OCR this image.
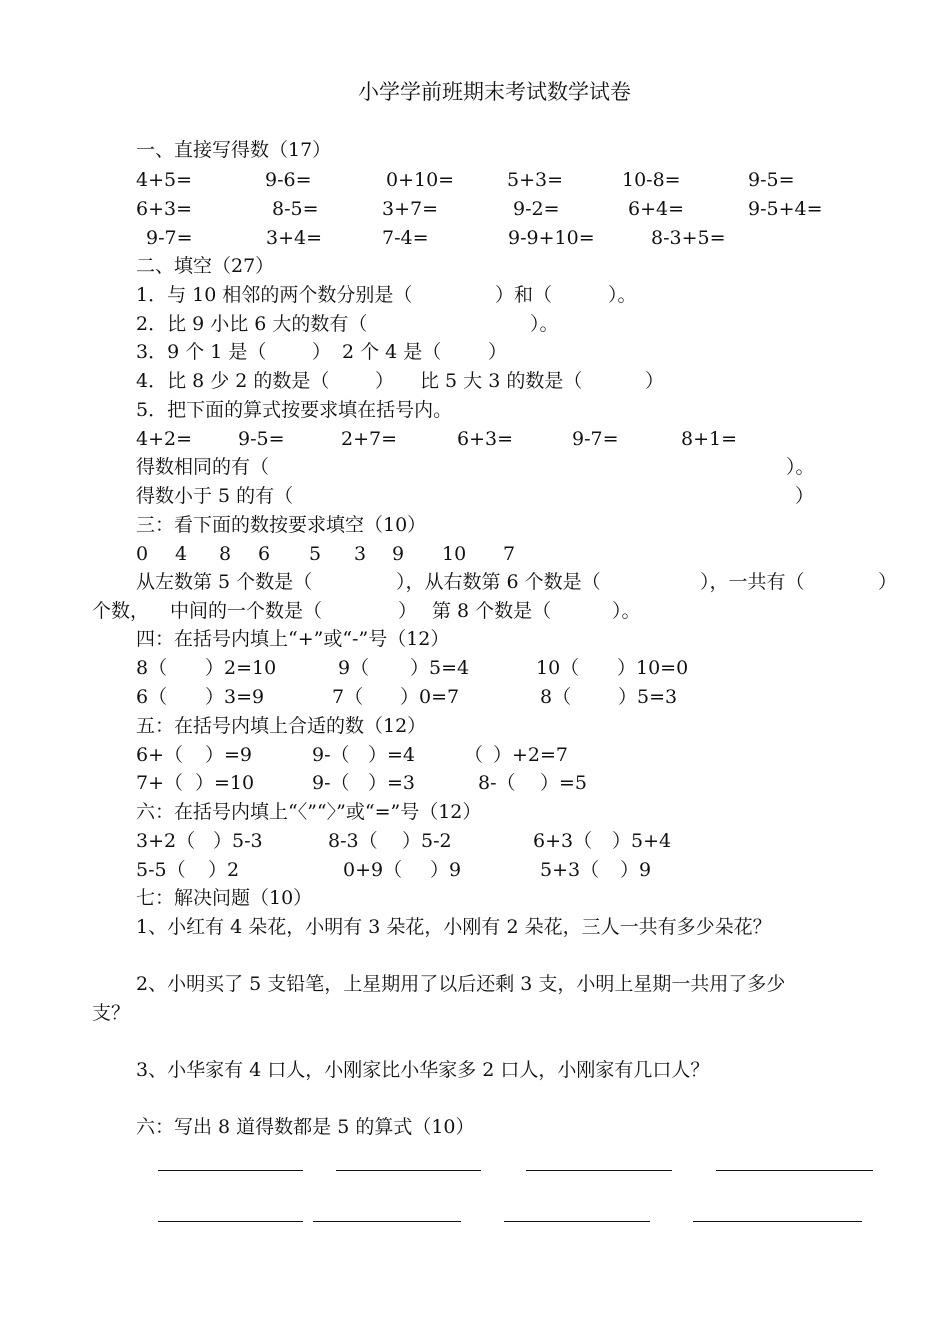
小学学前班期末考试数学试卷
一、直接写得数（17）
4+5=	9-6=	0+10=	5+3=	10-8=	9-5=
6+3=	8-5=	3+7=	9-2=	6+4=	9-5+4=
9-7=	3+4=	7-4=	9-9+10=	8-3+5=
二、填空（27）
1．与 10 相邻的两个数分别是（	）和（	）。
2．比 9 小比 6 大的数有（	）。
3．9 个 1 是（ ） 2 个 4 是（ ）
4．比 8 少 2 的数是（ ） 比 5 大 3 的数是（	）
5．把下面的算式按要求填在括号内。
4+2= 9-5=	2+7=	6+3=	9-7=	8+1=
得数相同的有（	）。
得数小于 5 的有（	）
三：看下面的数按要求填空（10）
0 4 8 6 5 3 9 10 7
从左数第 5 个数是（	），从右数第 6 个数是（	），一共有（	）
个数， 中间的一个数是（	） 第 8 个数是（	）。
四：在括号内填上“+”或“-”号（12）
8（ ）2=10	9（ ）5=4	10（ ）10=0
6（ ）3=9	7（ ）0=7	8（ ）5=3
五：在括号内填上合适的数（12）
6+（ ）=9	9-（ ）=4	（ ）+2=7
7+（ ）=10	9-（ ）=3	8-（ ）=5
六：在括号内填上“〈”“〉”或“=”号（12）
3+2（ ）5-3	8-3（ ）5-2	6+3（ ）5+4
5-5（ ）2	0+9（ ）9	5+3（ ）9
七：解决问题（10）
1、小红有 4 朵花，小明有 3 朵花，小刚有 2 朵花，三人一共有多少朵花？
2、小明买了 5 支铅笔，上星期用了以后还剩 3 支，小明上星期一共用了多少
支？
3、小华家有 4 口人，小刚家比小华家多 2 口人，小刚家有几口人？
六：写出 8 道得数都是 5 的算式（10）
